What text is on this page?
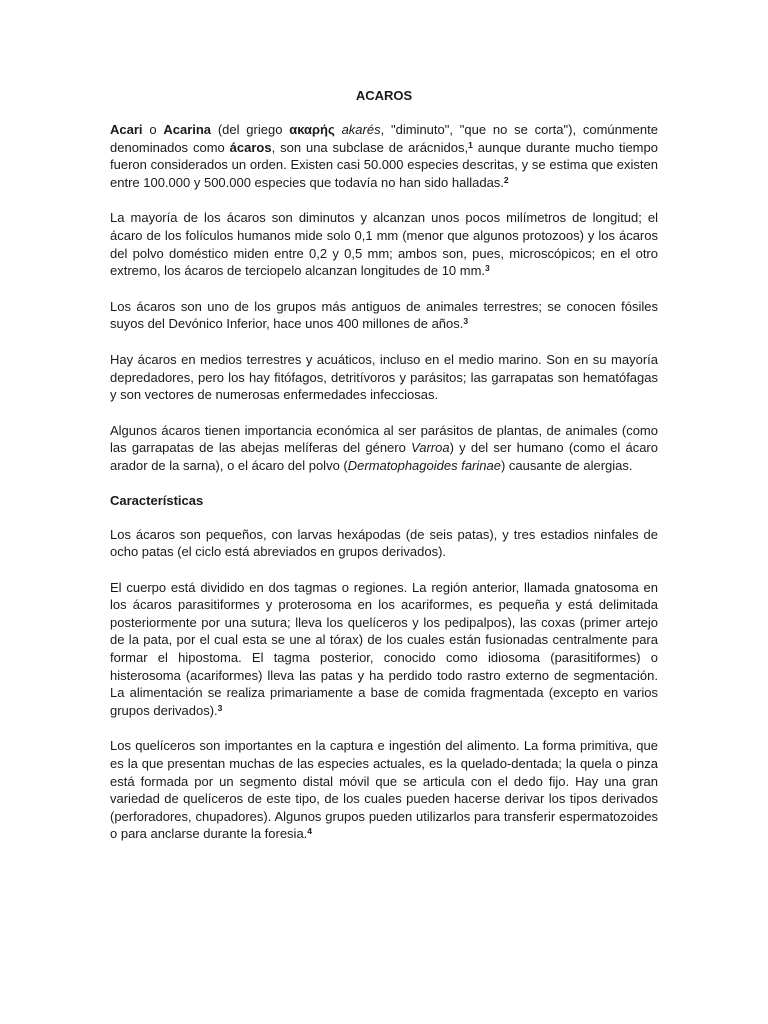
ACAROS

Acari o Acarina (del griego ακαρής akarés, "diminuto", "que no se corta"), comúnmente denominados como ácaros, son una subclase de arácnidos,$^1$ aunque durante mucho tiempo fueron considerados un orden. Existen casi 50.000 especies descritas, y se estima que existen entre 100.000 y 500.000 especies que todavía no han sido halladas.$^2$

La mayoría de los ácaros son diminutos y alcanzan unos pocos milímetros de longitud; el ácaro de los folículos humanos mide solo 0,1 mm (menor que algunos protozoos) y los ácaros del polvo doméstico miden entre 0,2 y 0,5 mm; ambos son, pues, microscópicos; en el otro extremo, los ácaros de terciopelo alcanzan longitudes de 10 mm.$^3$

Los ácaros son uno de los grupos más antiguos de animales terrestres; se conocen fósiles suyos del Devónico Inferior, hace unos 400 millones de años.$^3$

Hay ácaros en medios terrestres y acuáticos, incluso en el medio marino. Son en su mayoría depredadores, pero los hay fitófagos, detritívoros y parásitos; las garrapatas son hematófagas y son vectores de numerosas enfermedades infecciosas.

Algunos ácaros tienen importancia económica al ser parásitos de plantas, de animales (como las garrapatas de las abejas melíferas del género Varroa) y del ser humano (como el ácaro arador de la sarna), o el ácaro del polvo (Dermatophagoides farinae) causante de alergias.

Características

Los ácaros son pequeños, con larvas hexápodas (de seis patas), y tres estadios ninfales de ocho patas (el ciclo está abreviados en grupos derivados).

El cuerpo está dividido en dos tagmas o regiones. La región anterior, llamada gnatosoma en los ácaros parasitiformes y proterosoma en los acariformes, es pequeña y está delimitada posteriormente por una sutura; lleva los quelíceros y los pedipalpos), las coxas (primer artejo de la pata, por el cual esta se une al tórax) de los cuales están fusionadas centralmente para formar el hipostoma. El tagma posterior, conocido como idiosoma (parasitiformes) o histerosoma (acariformes) lleva las patas y ha perdido todo rastro externo de segmentación. La alimentación se realiza primariamente a base de comida fragmentada (excepto en varios grupos derivados).$^3$

Los quelíceros son importantes en la captura e ingestión del alimento. La forma primitiva, que es la que presentan muchas de las especies actuales, es la quelado-dentada; la quela o pinza está formada por un segmento distal móvil que se articula con el dedo fijo. Hay una gran variedad de quelíceros de este tipo, de los cuales pueden hacerse derivar los tipos derivados (perforadores, chupadores). Algunos grupos pueden utilizarlos para transferir espermatozoides o para anclarse durante la foresia.$^4$
